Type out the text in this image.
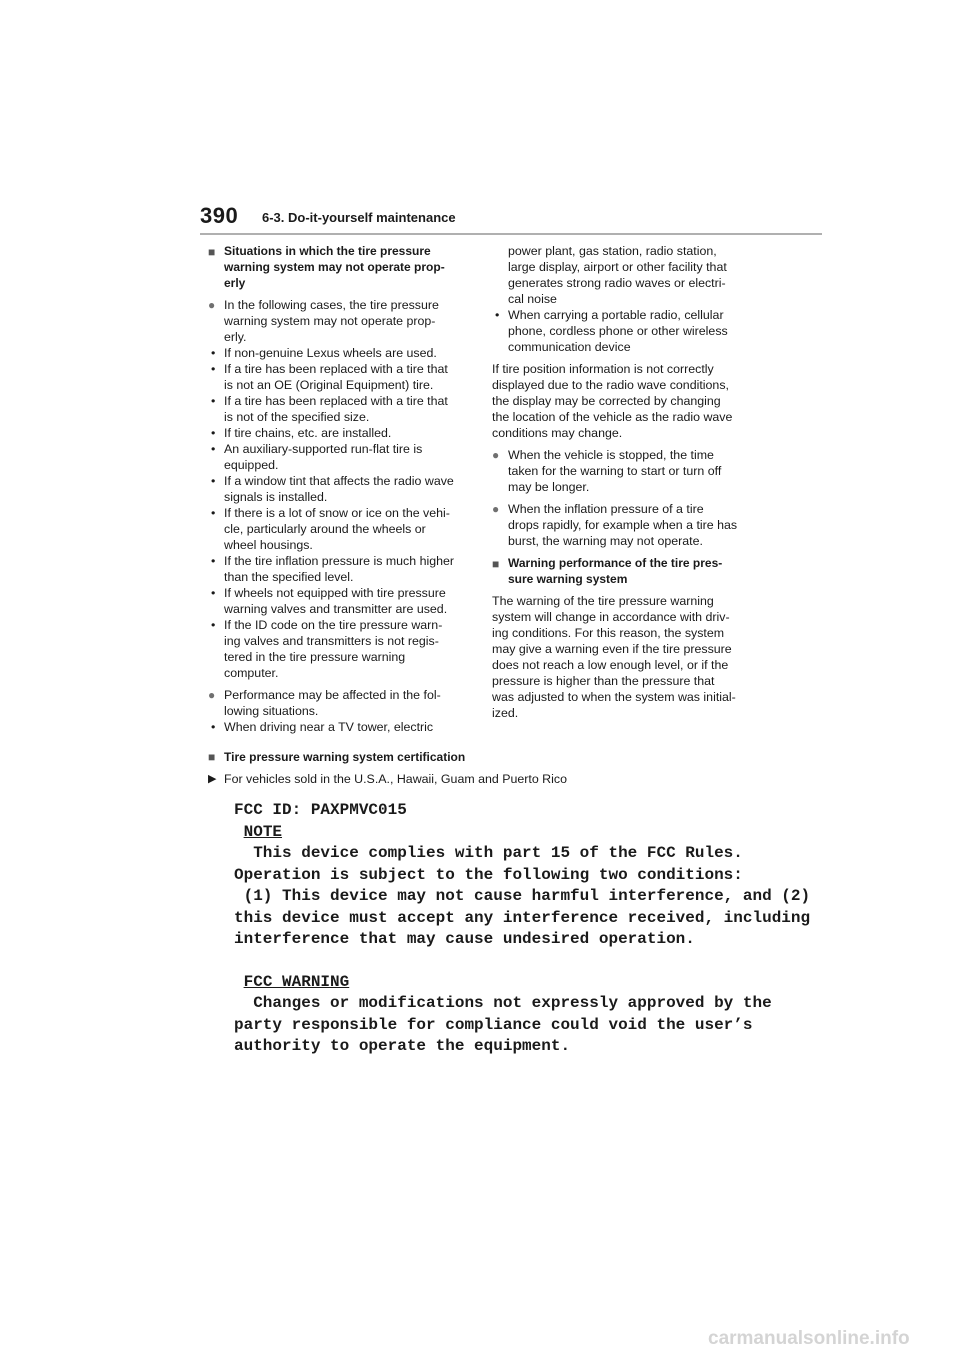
390 6-3. Do-it-yourself maintenance
■ Situations in which the tire pressure
warning system may not operate prop-
erly
● In the following cases, the tire pressure
warning system may not operate prop-
erly.
• If non-genuine Lexus wheels are used.
• If a tire has been replaced with a tire that
is not an OE (Original Equipment) tire.
• If a tire has been replaced with a tire that
is not of the specified size.
• If tire chains, etc. are installed.
• An auxiliary-supported run-flat tire is
equipped.
• If a window tint that affects the radio wave
signals is installed.
• If there is a lot of snow or ice on the vehi-
cle, particularly around the wheels or
wheel housings.
• If the tire inflation pressure is much higher
than the specified level.
• If wheels not equipped with tire pressure
warning valves and transmitter are used.
• If the ID code on the tire pressure warn-
ing valves and transmitters is not regis-
tered in the tire pressure warning
computer.
● Performance may be affected in the fol-
lowing situations.
• When driving near a TV tower, electric
power plant, gas station, radio station,
large display, airport or other facility that
generates strong radio waves or electri-
cal noise
• When carrying a portable radio, cellular
phone, cordless phone or other wireless
communication device
If tire position information is not correctly
displayed due to the radio wave conditions,
the display may be corrected by changing
the location of the vehicle as the radio wave
conditions may change.
● When the vehicle is stopped, the time
taken for the warning to start or turn off
may be longer.
● When the inflation pressure of a tire
drops rapidly, for example when a tire has
burst, the warning may not operate.
■ Warning performance of the tire pres-
sure warning system
The warning of the tire pressure warning
system will change in accordance with driv-
ing conditions. For this reason, the system
may give a warning even if the tire pressure
does not reach a low enough level, or if the
pressure is higher than the pressure that
was adjusted to when the system was initial-
ized.
■ Tire pressure warning system certification
▶ For vehicles sold in the U.S.A., Hawaii, Guam and Puerto Rico
FCC ID: PAXPMVC015
NOTE
This device complies with part 15 of the FCC Rules.
Operation is subject to the following two conditions:
(1) This device may not cause harmful interference, and (2)
this device must accept any interference received, including
interference that may cause undesired operation.
FCC WARNING
Changes or modifications not expressly approved by the
party responsible for compliance could void the user’s
authority to operate the equipment.
carmanualsonline.info
